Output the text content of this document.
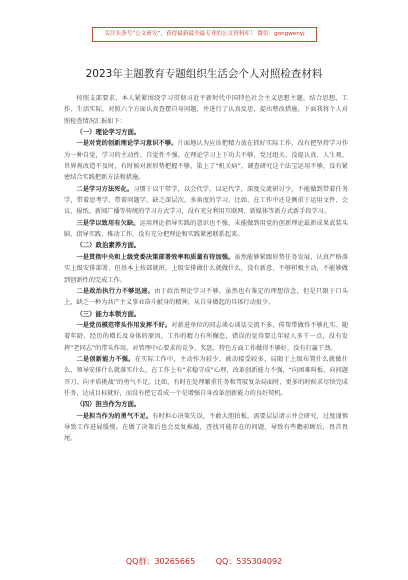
关注头条号“公文研究”，获得最新最全最专业的公文资料库！ 微信：gongwenyj
2023年主题教育专题组织生活会个人对照检查材料

按照支部要求，本人紧紧围绕学习贯彻习近平新时代中国特色社会主义思想主题，结合思想、工作、生活实际，对照六个方面认真查摆自身问题，并进行了认真反思，提出整改措施。下面我将个人对照检查情况汇报如下：

（一）理论学习方面。

一是对党的创新理论学习意识不够。片面地认为应该把精力放在抓好实际工作，没有把坚持学习作为一种自觉，学习的主动性、自觉性不强。在理论学习上下功夫不够，党过组关、没提认真、人生观、世界观改造不及时，有时候对新形势把握不够，染上了“机关病”，调查研究这个法宝运用不够，没有紧密结合实践把新方法和措施。

二是学习方法死化。习惯于以干带学，以会代学，以记代学，深度交流研讨少，不能做到带着任务学，带着思考学，带着问题学，缺乏深层次、多角度的学习。比如，在工作中还是侧重于运用文件、会议、报纸、新闻广播等传统的学习方式学习，没有充分利用互联网、新媒体等新方式新手段学习。

三是学以致用有欠缺。运用理论指导实践的意识也不强，未能做到用党的创新理论最新成果武装头脑、指导实践、推动工作，没有充分把理论和实践紧密联系起来。

（二）政治素养方面。

一是贯彻中央和上级党委决策部署效率和质量有待加强。虽然能够紧跟形势任务发展，认真严格落实上级安排部署，但基本上按部就班，上级安排做什么就做什么，没有新意，不够积极主动，不能够做到创新性的完成工作。

二是政治执行力不够迅速。由于政治理论学习不够，虽然也有鉴定的理想信念，但是只限于口头上，缺乏一种为共产主义事业奋斗献身的精神，从自身做起的具体行动很少。

（三）能力本领方面。

一是党员模范带头作用发挥不好。对新进单位的同志谈心谈话交流不多，传帮带做得不够扎实。随着年龄、经历的增长及身体的原因，工作的精力有所懈怠，错误的觉得要让年轻人多干一点，没有发挥“老同志”的带头作用。对管理中心要求的竞争、奖惩，特色方面工作做得不够好，没有打赢干劲。

二是创新能力不强。在实际工作中，主动作为较少，被动接受较多，局限于上级布置什么就做什么，领导安排什么就落实什么，在工作上有“求稳守成”心理，改革创新能力不强，“向困难叫板、向问题开刀、向矛盾挑战”的勇气不足。比如，有时在处理繁重任务和驾驭复杂局面时，更多的时候求尽快完成任务，达成目标就好，而没有把它看成一个是增强自身改革创新能力的良好契机。

（四）担当作为方面。

一是担当作为的勇气不足。有时担心决策失误，不敢大胆拍板，需要层层请示并会研究，过度谨慎导致工作进展缓慢。在做了决策后也会反复推敲，查找可能存在的问题，导致有些瞻前顾后，畏首畏尾。

QQ群：30265665	QQ：535304092
